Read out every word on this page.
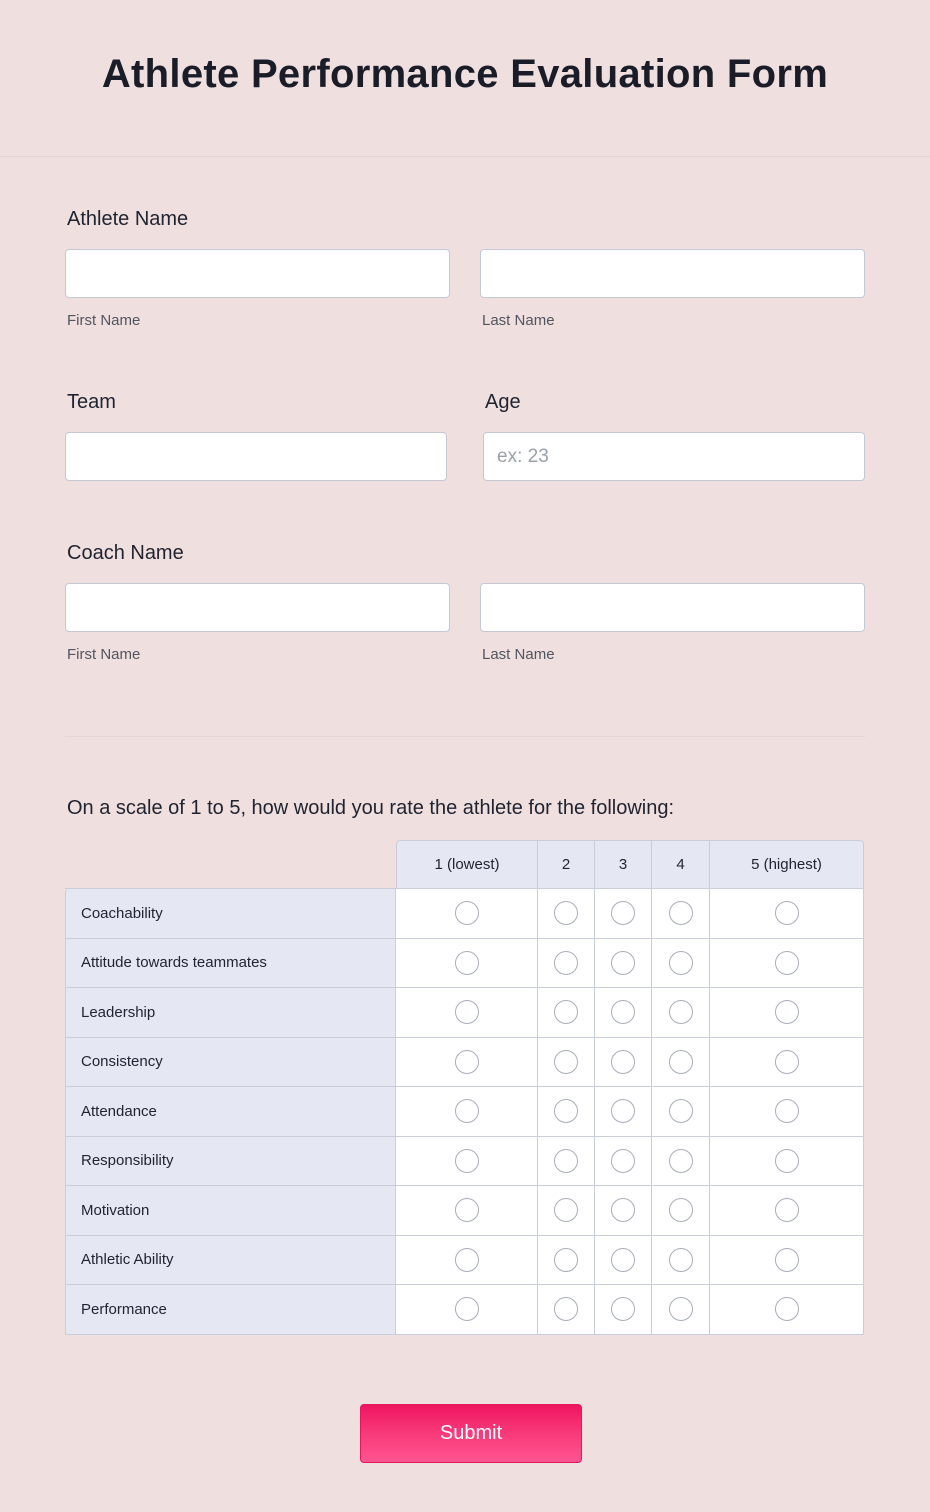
Athlete Performance Evaluation Form
Athlete Name
First Name	Last Name
Team	Age
ex: 23
Coach Name
First Name	Last Name
On a scale of 1 to 5, how would you rate the athlete for the following:
	1 (lowest)	2	3	4	5 (highest)
Coachability					
Attitude towards teammates					
Leadership					
Consistency					
Attendance					
Responsibility					
Motivation					
Athletic Ability					
Performance					
Submit
